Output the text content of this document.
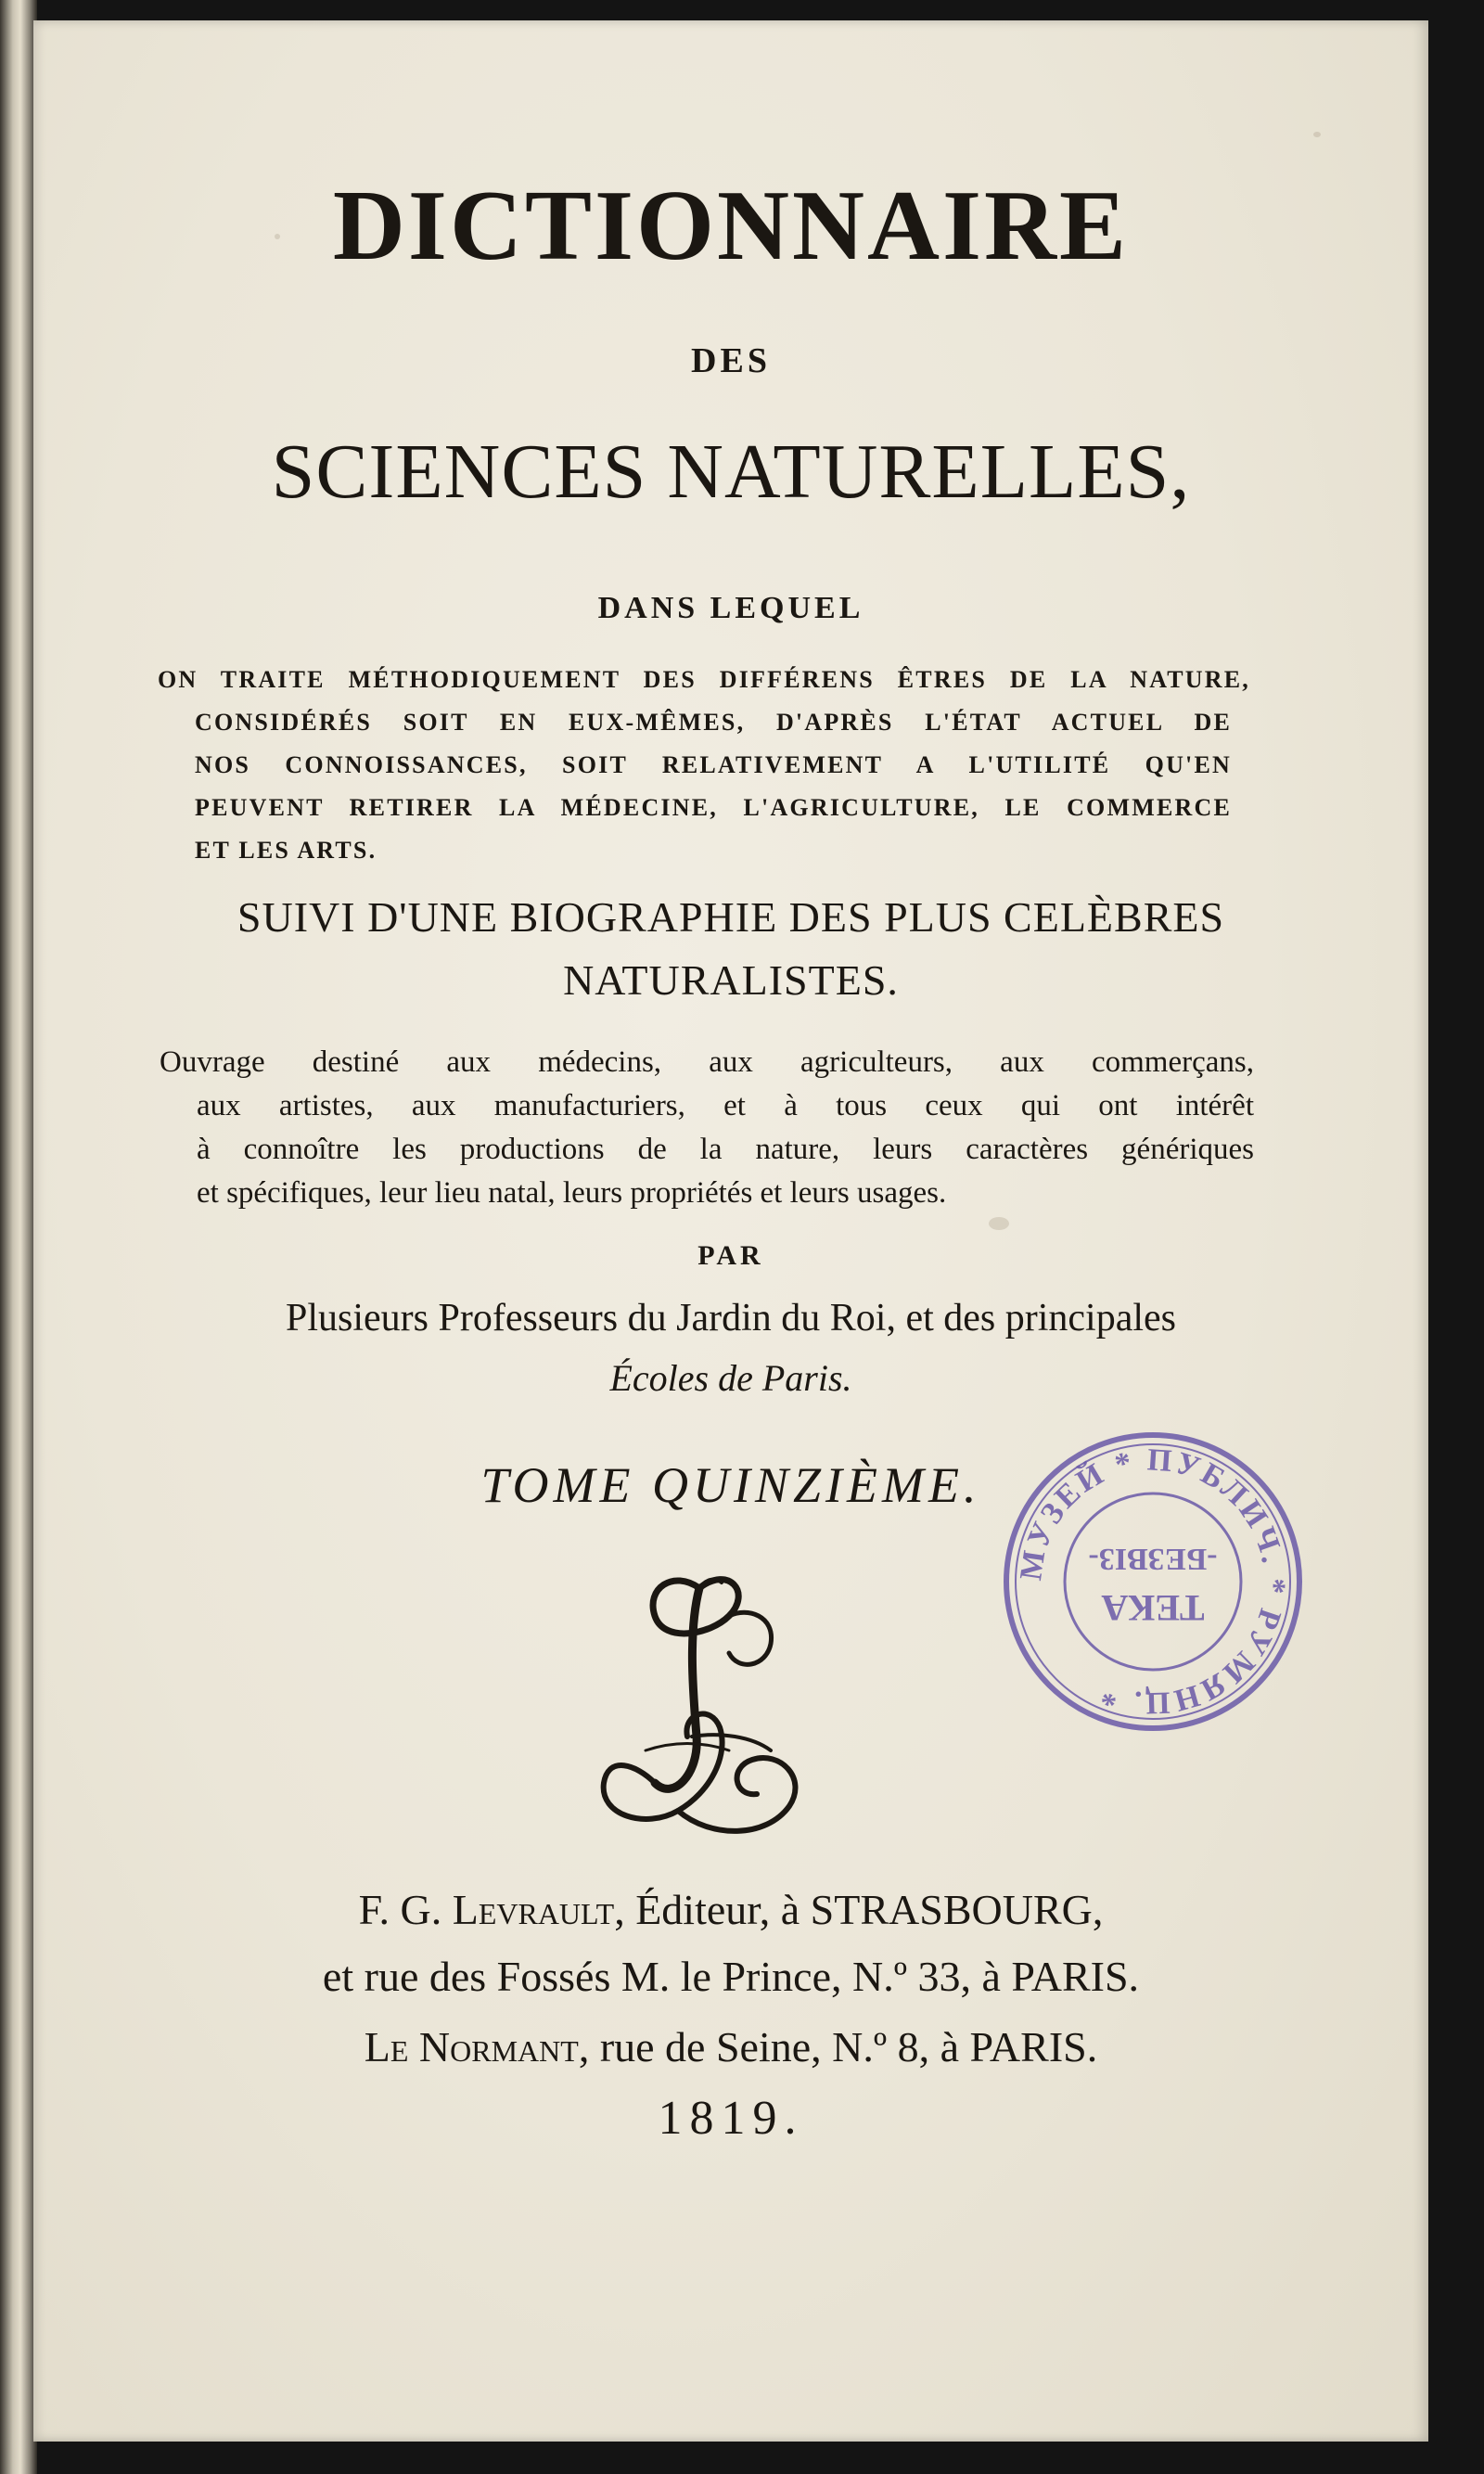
DICTIONNAIRE
DES
SCIENCES NATURELLES,
DANS LEQUEL
ON TRAITE MÉTHODIQUEMENT DES DIFFÉRENS ÊTRES DE LA NATURE,
CONSIDÉRÉS SOIT EN EUX-MÊMES, D'APRÈS L'ÉTAT ACTUEL DE
NOS CONNOISSANCES, SOIT RELATIVEMENT A L'UTILITÉ QU'EN
PEUVENT RETIRER LA MÉDECINE, L'AGRICULTURE, LE COMMERCE
ET LES ARTS.
SUIVI D'UNE BIOGRAPHIE DES PLUS CELÈBRES
NATURALISTES.
Ouvrage destiné aux médecins, aux agriculteurs, aux commerçans,
aux artistes, aux manufacturiers, et à tous ceux qui ont intérêt
à connoître les productions de la nature, leurs caractères génériques
et spécifiques, leur lieu natal, leurs propriétés et leurs usages.
PAR
Plusieurs Professeurs du Jardin du Roi, et des principales
Écoles de Paris.
TOME QUINZIÈME.
МУЗЕЙ * ПУБЛИЧ. * РУМЯНЦ. *
ТЕКА
-БЕЗВІ3-
F. G. Levrault, Éditeur, à STRASBOURG,
et rue des Fossés M. le Prince, N.º 33, à PARIS.
Le Normant, rue de Seine, N.º 8, à PARIS.
1819.
